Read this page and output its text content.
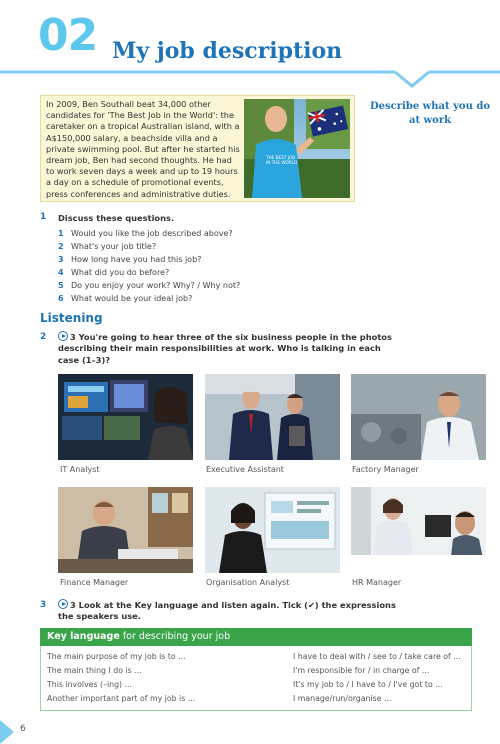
02 My job description
In 2009, Ben Southall beat 34,000 other candidates for 'The Best Job in the World': the caretaker on a tropical Australian island, with a A$150,000 salary, a beachside villa and a private swimming pool. But after he started his dream job, Ben had second thoughts. He had to work seven days a week and up to 19 hours a day on a schedule of promotional events, press conferences and administrative duties.
THE BEST JOB
IN THE WORLD
Describe what you do at work
1 Discuss these questions.
1 Would you like the job described above?
2 What's your job title?
3 How long have you had this job?
4 What did you do before?
5 Do you enjoy your work? Why? / Why not?
6 What would be your ideal job?
Listening
2	3 You're going to hear three of the six business people in the photos
describing their main responsibilities at work. Who is talking in each
case (1–3)?
IT Analyst	Executive Assistant	Factory Manager
Finance Manager	Organisation Analyst	HR Manager
3	3 Look at the Key language and listen again. Tick (✔) the expressions
the speakers use.
Key language for describing your job
The main purpose of my job is to ...
The main thing I do is ...
This involves (–ing) ...
Another important part of my job is ...
I have to deal with / see to / take care of ...
I'm responsible for / in charge of ...
It's my job to / I have to / I've got to ...
I manage/run/organise ...
6
